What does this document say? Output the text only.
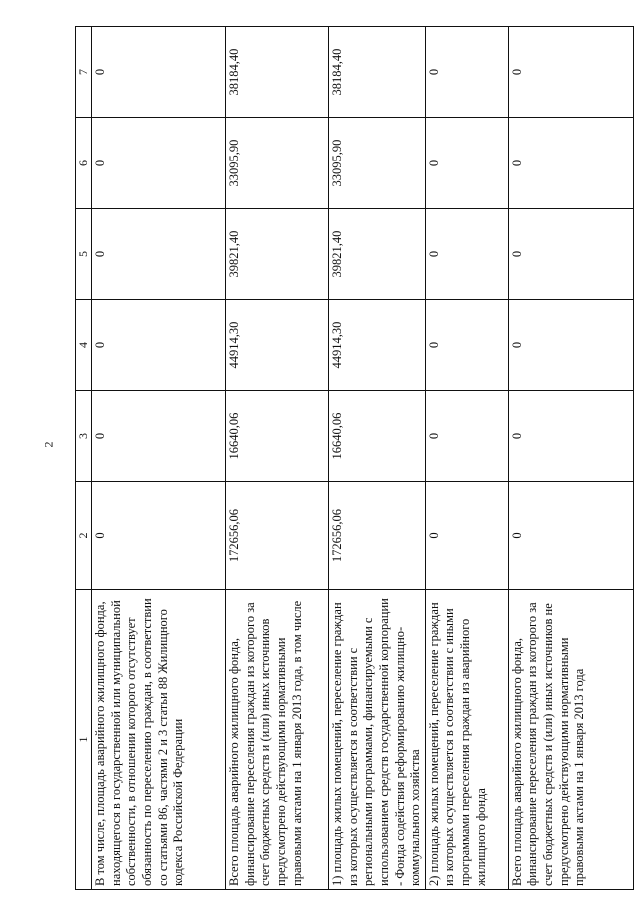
2
1	2	3	4	5	6	7
В том числе, площадь аварийного жилищного фонда, находящегося в государственной или муниципальной собственности, в отношении которого отсутствует обязанность по переселению граждан, в соответствии со статьями 86, частями 2 и 3 статьи 88 Жилищного кодекса Российской Федерации	0	0	0	0	0	0
Всего площадь аварийного жилищного фонда, финансирование переселения граждан из которого за счет бюджетных средств и (или) иных источников предусмотрено действующими нормативными правовыми актами на 1 января 2013 года, в том числе	172656,06	16640,06	44914,30	39821,40	33095,90	38184,40
1) площадь жилых помещений, переселение граждан из которых осуществляется в соответствии с региональными программами, финансируемыми с использованием средств государственной корпорации - Фонда содействия реформированию жилищно-коммунального хозяйства	172656,06	16640,06	44914,30	39821,40	33095,90	38184,40
2) площадь жилых помещений, переселение граждан из которых осуществляется в соответствии с иными программами переселения граждан из аварийного жилищного фонда	0	0	0	0	0	0
Всего площадь аварийного жилищного фонда, финансирование переселения граждан из которого за счет бюджетных средств и (или) иных источников не предусмотрено действующими нормативными правовыми актами на 1 января 2013 года	0	0	0	0	0	0
